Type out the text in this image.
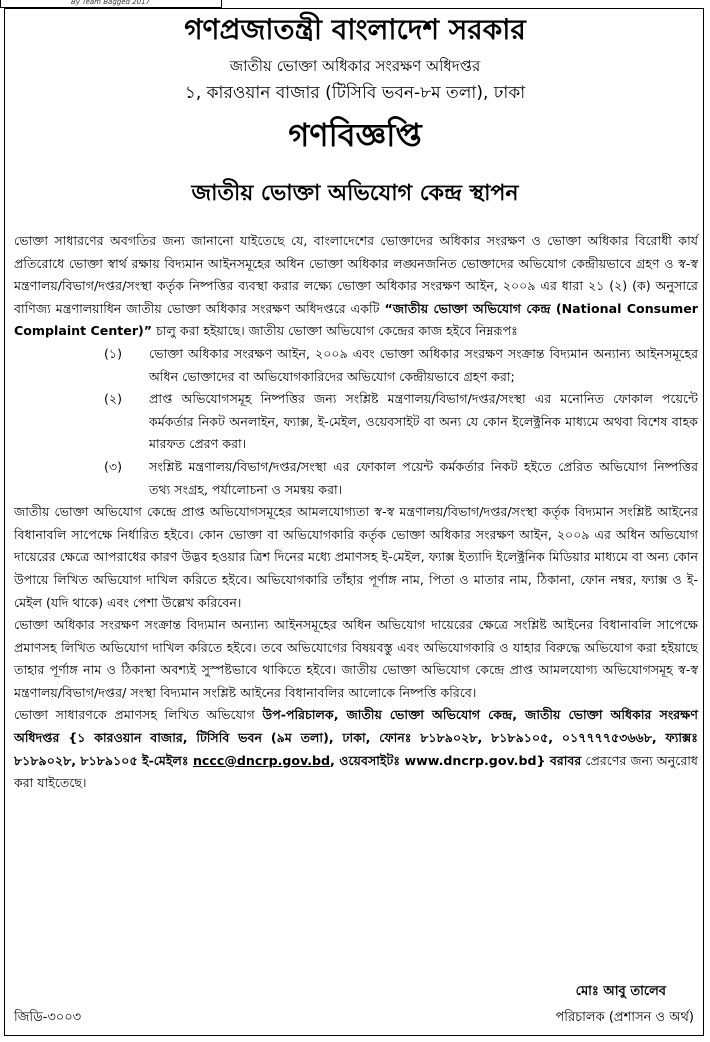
By Team Bagged 2017
গণপ্রজাতন্ত্রী বাংলাদেশ সরকার
জাতীয় ভোক্তা অধিকার সংরক্ষণ অধিদপ্তর
১, কারওয়ান বাজার (টিসিবি ভবন-৮ম তলা), ঢাকা
গণবিজ্ঞপ্তি
জাতীয় ভোক্তা অভিযোগ কেন্দ্র স্থাপন

ভোক্তা সাধারণের অবগতির জন্য জানানো যাইতেছে যে, বাংলাদেশের ভোক্তাদের অধিকার সংরক্ষণ ও ভোক্তা অধিকার বিরোধী কার্য প্রতিরোধে ভোক্তা স্বার্থ রক্ষায় বিদ্যমান আইনসমূহের অধিন ভোক্তা অধিকার লঙ্ঘনজনিত ভোক্তাদের অভিযোগ কেন্দ্রীয়ভাবে গ্রহণ ও স্ব-স্ব মন্ত্রণালয়/বিভাগ/দপ্তর/সংস্থা কর্তৃক নিষ্পত্তির ব্যবস্থা করার লক্ষ্যে ভোক্তা অধিকার সংরক্ষণ আইন, ২০০৯ এর ধারা ২১ (২) (ক) অনুসারে বাণিজ্য মন্ত্রণালয়াধিন জাতীয় ভোক্তা অধিকার সংরক্ষণ অধিদপ্তরে একটি “জাতীয় ভোক্তা অভিযোগ কেন্দ্র (National Consumer Complaint Center)” চালু করা হইয়াছে। জাতীয় ভোক্তা অভিযোগ কেন্দ্রের কাজ হইবে নিম্নরূপঃ

(১)	ভোক্তা অধিকার সংরক্ষণ আইন, ২০০৯ এবং ভোক্তা অধিকার সংরক্ষণ সংক্রান্ত বিদ্যমান অন্যান্য আইনসমূহের অধিন ভোক্তাদের বা অভিযোগকারিদের অভিযোগ কেন্দ্রীয়ভাবে গ্রহণ করা;
(২)	প্রাপ্ত অভিযোগসমূহ নিষ্পত্তির জন্য সংশ্লিষ্ট মন্ত্রণালয়/বিভাগ/দপ্তর/সংস্থা এর মনোনিত ফোকাল পয়েন্টে কর্মকর্তার নিকট অনলাইন, ফ্যাক্স, ই-মেইল, ওয়েবসাইট বা অন্য যে কোন ইলেক্ট্রনিক মাধ্যমে অথবা বিশেষ বাহক মারফত প্রেরণ করা।
(৩)	সংশ্লিষ্ট মন্ত্রণালয়/বিভাগ/দপ্তর/সংস্থা এর ফোকাল পয়েন্ট কর্মকর্তার নিকট হইতে প্রেরিত অভিযোগ নিষ্পত্তির তথ্য সংগ্রহ, পর্যালোচনা ও সমন্বয় করা।

জাতীয় ভোক্তা অভিযোগ কেন্দ্রে প্রাপ্ত অভিযোগসমূহের আমলযোগ্যতা স্ব-স্ব মন্ত্রণালয়/বিভাগ/দপ্তর/সংস্থা কর্তৃক বিদ্যমান সংশ্লিষ্ট আইনের বিধানাবলি সাপেক্ষে নির্ধারিত হইবে। কোন ভোক্তা বা অভিযোগকারি কর্তৃক ভোক্তা অধিকার সংরক্ষণ আইন, ২০০৯ এর অধিন অভিযোগ দায়েরের ক্ষেত্রে আপরাধের কারণ উদ্ভব হওয়ার ত্রিশ দিনের মধ্যে প্রমাণসহ ই-মেইল, ফ্যাক্স ইত্যাদি ইলেক্ট্রনিক মিডিয়ার মাধ্যমে বা অন্য কোন উপায়ে লিখিত অভিযোগ দাখিল করিতে হইবে। অভিযোগকারি তাঁহার পূর্ণাঙ্গ নাম, পিতা ও মাতার নাম, ঠিকানা, ফোন নম্বর, ফ্যাক্স ও ই-মেইল (যদি থাকে) এবং পেশা উল্লেখ করিবেন।

ভোক্তা অধিকার সংরক্ষণ সংক্রান্ত বিদ্যমান অন্যান্য আইনসমূহের অধিন অভিযোগ দায়েরের ক্ষেত্রে সংশ্লিষ্ট আইনের বিধানাবলি সাপেক্ষে প্রমাণসহ লিখিত অভিযোগ দাখিল করিতে হইবে। তবে অভিযোগের বিষয়বস্তু এবং অভিযোগকারি ও যাহার বিরুদ্ধে অভিযোগ করা হইয়াছে তাহার পূর্ণাঙ্গ নাম ও ঠিকানা অবশ্যই সুস্পষ্টভাবে থাকিতে হইবে। জাতীয় ভোক্তা অভিযোগ কেন্দ্রে প্রাপ্ত আমলযোগ্য অভিযোগসমূহ স্ব-স্ব মন্ত্রণালয়/বিভাগ/দপ্তর/ সংস্থা বিদ্যমান সংশ্লিষ্ট আইনের বিধানাবলির আলোকে নিষ্পত্তি করিবে।

ভোক্তা সাধারণকে প্রমাণসহ লিখিত অভিযোগ উপ-পরিচালক, জাতীয় ভোক্তা অভিযোগ কেন্দ্র, জাতীয় ভোক্তা অধিকার সংরক্ষণ অধিদপ্তর {১ কারওয়ান বাজার, টিসিবি ভবন (৯ম তলা), ঢাকা, ফোনঃ ৮১৮৯০২৮, ৮১৮৯১০৫, ০১৭৭৭৭৫৩৬৬৮, ফ্যাক্সঃ ৮১৮৯০২৮, ৮১৮৯১০৫ ই-মেইলঃ nccc@dncrp.gov.bd, ওয়েবসাইটঃ www.dncrp.gov.bd} বরাবর প্রেরণের জন্য অনুরোধ করা যাইতেছে।

মোঃ আবু তালেব
জিডি-৩০০৩	পরিচালক (প্রশাসন ও অর্থ)
